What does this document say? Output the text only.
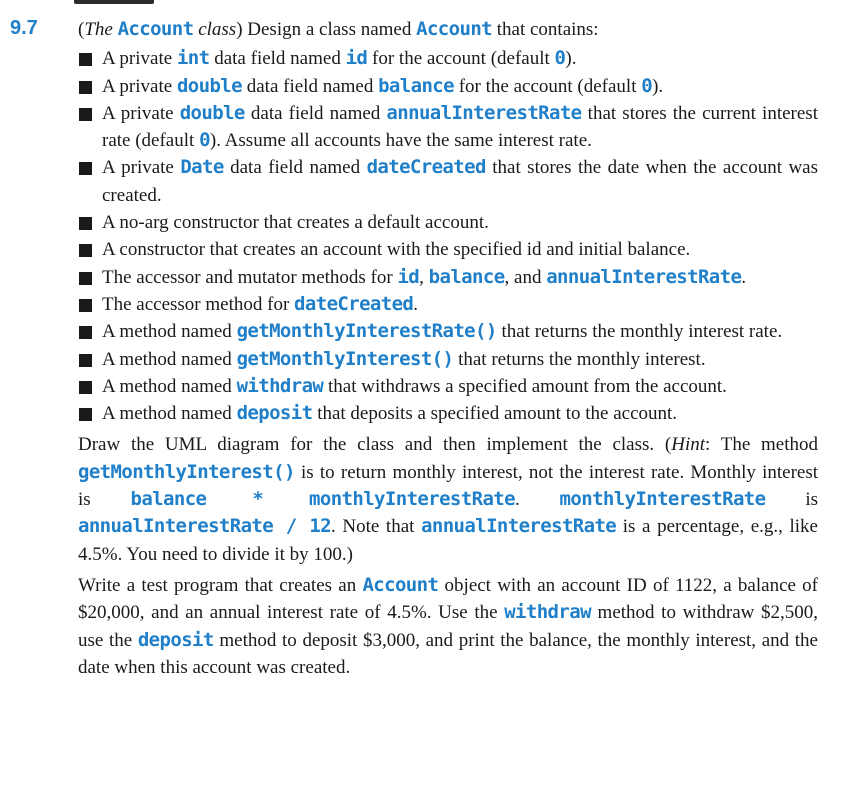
9.7 (The Account class) Design a class named Account that contains:
A private int data field named id for the account (default 0).
A private double data field named balance for the account (default 0).
A private double data field named annualInterestRate that stores the current interest rate (default 0). Assume all accounts have the same interest rate.
A private Date data field named dateCreated that stores the date when the account was created.
A no-arg constructor that creates a default account.
A constructor that creates an account with the specified id and initial balance.
The accessor and mutator methods for id, balance, and annualInterestRate.
The accessor method for dateCreated.
A method named getMonthlyInterestRate() that returns the monthly interest rate.
A method named getMonthlyInterest() that returns the monthly interest.
A method named withdraw that withdraws a specified amount from the account.
A method named deposit that deposits a specified amount to the account.

Draw the UML diagram for the class and then implement the class. (Hint: The method getMonthlyInterest() is to return monthly interest, not the interest rate. Monthly interest is balance * monthlyInterestRate. monthlyInterestRate is annualInterestRate / 12. Note that annualInterestRate is a percentage, e.g., like 4.5%. You need to divide it by 100.)

Write a test program that creates an Account object with an account ID of 1122, a balance of $20,000, and an annual interest rate of 4.5%. Use the withdraw method to withdraw $2,500, use the deposit method to deposit $3,000, and print the balance, the monthly interest, and the date when this account was created.
